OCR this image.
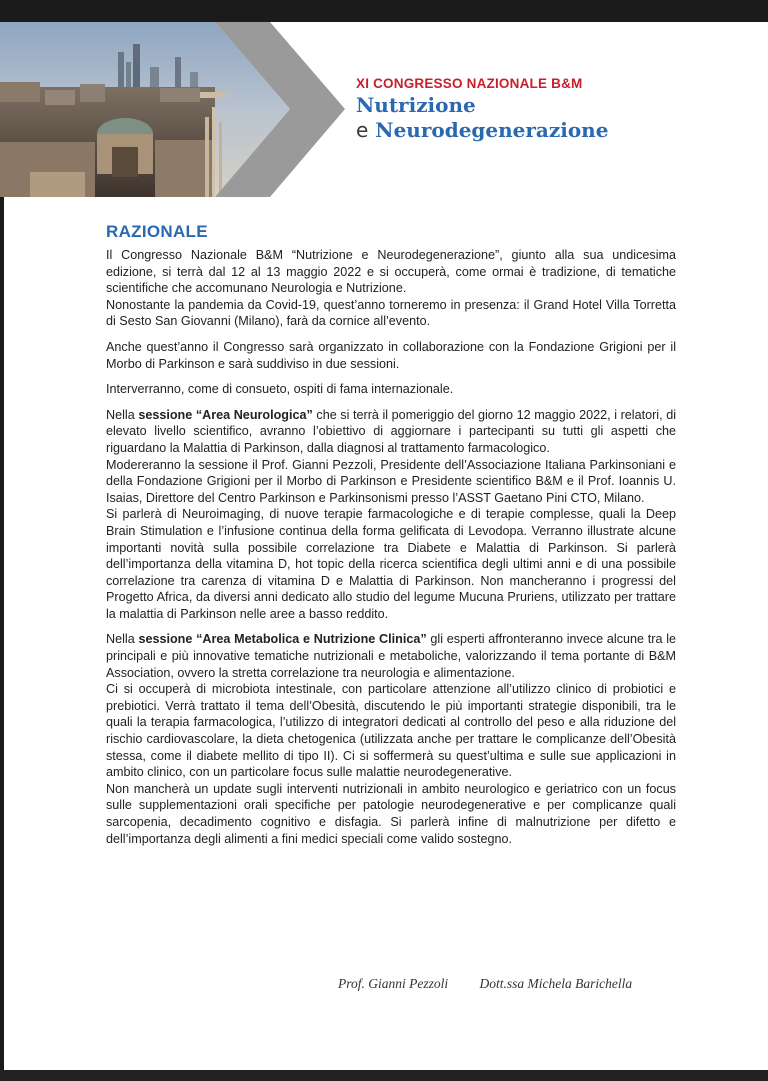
XI CONGRESSO NAZIONALE B&M
Nutrizione
e Neurodegenerazione
RAZIONALE

Il Congresso Nazionale B&M “Nutrizione e Neurodegenerazione”, giunto alla sua undicesima edizione, si terrà dal 12 al 13 maggio 2022 e si occuperà, come ormai è tradizione, di tematiche scientifiche che accomunano Neurologia e Nutrizione.

Nonostante la pandemia da Covid-19, quest’anno torneremo in presenza: il Grand Hotel Villa Torretta di Sesto San Giovanni (Milano), farà da cornice all’evento.

Anche quest’anno il Congresso sarà organizzato in collaborazione con la Fondazione Grigioni per il Morbo di Parkinson e sarà suddiviso in due sessioni.

Interverranno, come di consueto, ospiti di fama internazionale.

Nella sessione “Area Neurologica” che si terrà il pomeriggio del giorno 12 maggio 2022, i relatori, di elevato livello scientifico, avranno l’obiettivo di aggiornare i partecipanti su tutti gli aspetti che riguardano la Malattia di Parkinson, dalla diagnosi al trattamento farmacologico.

Modereranno la sessione il Prof. Gianni Pezzoli, Presidente dell’Associazione Italiana Parkinsoniani e della Fondazione Grigioni per il Morbo di Parkinson e Presidente scientifico B&M e il Prof. Ioannis U. Isaias, Direttore del Centro Parkinson e Parkinsonismi presso l’ASST Gaetano Pini CTO, Milano.

Si parlerà di Neuroimaging, di nuove terapie farmacologiche e di terapie complesse, quali la Deep Brain Stimulation e l’infusione continua della forma gelificata di Levodopa. Verranno illustrate alcune importanti novità sulla possibile correlazione tra Diabete e Malattia di Parkinson. Si parlerà dell’importanza della vitamina D, hot topic della ricerca scientifica degli ultimi anni e di una possibile correlazione tra carenza di vitamina D e Malattia di Parkinson. Non mancheranno i progressi del Progetto Africa, da diversi anni dedicato allo studio del legume Mucuna Pruriens, utilizzato per trattare la malattia di Parkinson nelle aree a basso reddito.

Nella sessione “Area Metabolica e Nutrizione Clinica” gli esperti affronteranno invece alcune tra le principali e più innovative tematiche nutrizionali e metaboliche, valorizzando il tema portante di B&M Association, ovvero la stretta correlazione tra neurologia e alimentazione.

Ci si occuperà di microbiota intestinale, con particolare attenzione all’utilizzo clinico di probiotici e prebiotici. Verrà trattato il tema dell’Obesità, discutendo le più importanti strategie disponibili, tra le quali la terapia farmacologica, l’utilizzo di integratori dedicati al controllo del peso e alla riduzione del rischio cardiovascolare, la dieta chetogenica (utilizzata anche per trattare le complicanze dell’Obesità stessa, come il diabete mellito di tipo II). Ci si soffermerà su quest’ultima e sulle sue applicazioni in ambito clinico, con un particolare focus sulle malattie neurodegenerative.

Non mancherà un update sugli interventi nutrizionali in ambito neurologico e geriatrico con un focus sulle supplementazioni orali specifiche per patologie neurodegenerative e per complicanze quali sarcopenia, decadimento cognitivo e disfagia. Si parlerà infine di malnutrizione per difetto e dell’importanza degli alimenti a fini medici speciali come valido sostegno.

Prof. Gianni Pezzoli Dott.ssa Michela Barichella
